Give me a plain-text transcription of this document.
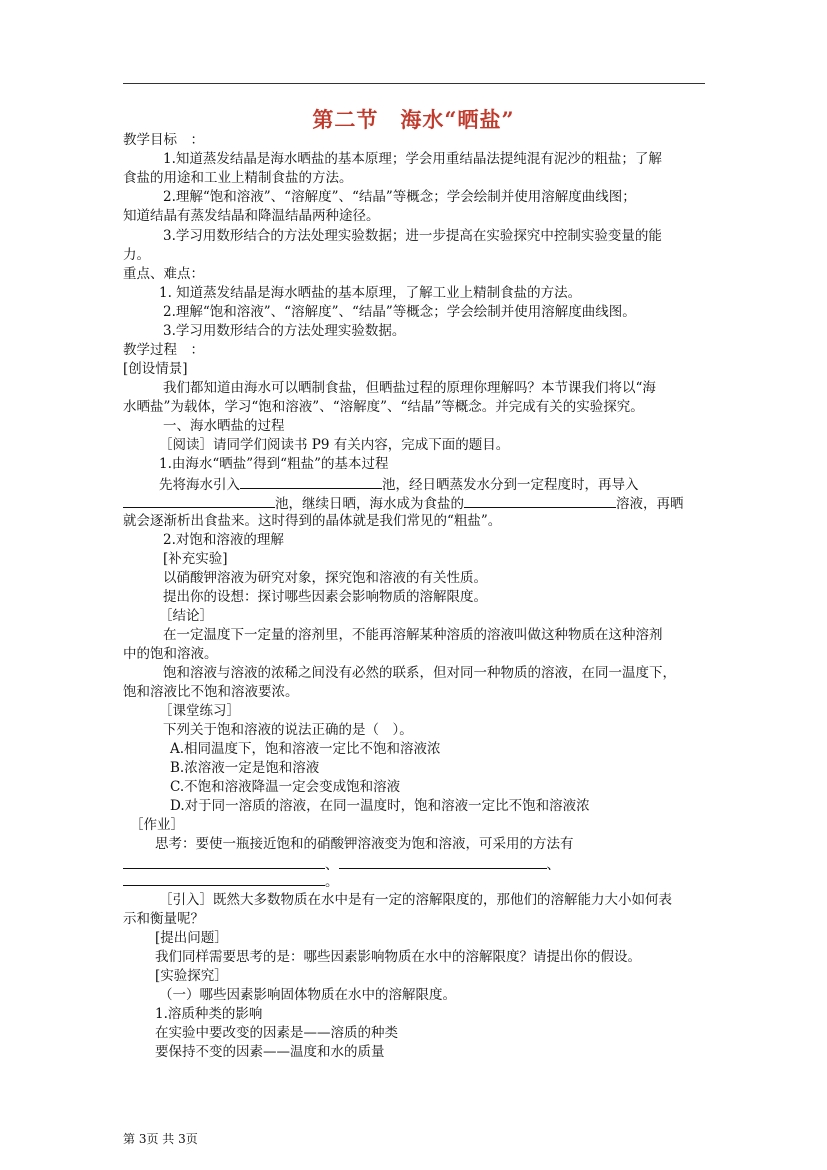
第二节　海水“晒盐”
教学目标　：
1.知道蒸发结晶是海水晒盐的基本原理；学会用重结晶法提纯混有泥沙的粗盐；了解
食盐的用途和工业上精制食盐的方法。
2.理解“饱和溶液”、“溶解度”、“结晶”等概念；学会绘制并使用溶解度曲线图；
知道结晶有蒸发结晶和降温结晶两种途径。
3.学习用数形结合的方法处理实验数据；进一步提高在实验探究中控制实验变量的能
力。
重点、难点：
1. 知道蒸发结晶是海水晒盐的基本原理，了解工业上精制食盐的方法。
2.理解“饱和溶液”、“溶解度”、“结晶”等概念；学会绘制并使用溶解度曲线图。
3.学习用数形结合的方法处理实验数据。
教学过程　：
[创设情景]
我们都知道由海水可以晒制食盐，但晒盐过程的原理你理解吗？本节课我们将以“海
水晒盐”为载体，学习“饱和溶液”、“溶解度”、“结晶”等概念。并完成有关的实验探究。
一、海水晒盐的过程
［阅读］请同学们阅读书 P9 有关内容，完成下面的题目。
1.由海水“晒盐”得到“粗盐”的基本过程
先将海水引入	池，经日晒蒸发水分到一定程度时，再导入
池，继续日晒，海水成为食盐的	溶液，再晒
就会逐渐析出食盐来。这时得到的晶体就是我们常见的“粗盐”。
2.对饱和溶液的理解
[补充实验]
以硝酸钾溶液为研究对象，探究饱和溶液的有关性质。
提出你的设想：探讨哪些因素会影响物质的溶解限度。
［结论］
在一定温度下一定量的溶剂里，不能再溶解某种溶质的溶液叫做这种物质在这种溶剂
中的饱和溶液。
饱和溶液与溶液的浓稀之间没有必然的联系，但对同一种物质的溶液，在同一温度下，
饱和溶液比不饱和溶液要浓。
［课堂练习］
下列关于饱和溶液的说法正确的是（　）。
A.相同温度下，饱和溶液一定比不饱和溶液浓
B.浓溶液一定是饱和溶液
C.不饱和溶液降温一定会变成饱和溶液
D.对于同一溶质的溶液，在同一温度时，饱和溶液一定比不饱和溶液浓
［作业］
思考：要使一瓶接近饱和的硝酸钾溶液变为饱和溶液，可采用的方法有
、	、
。
［引入］既然大多数物质在水中是有一定的溶解限度的，那他们的溶解能力大小如何表
示和衡量呢？
[提出问题］
我们同样需要思考的是：哪些因素影响物质在水中的溶解限度？请提出你的假设。
[实验探究］
（一）哪些因素影响固体物质在水中的溶解限度。
1.溶质种类的影响
在实验中要改变的因素是——溶质的种类
要保持不变的因素——温度和水的质量
第 3页 共 3页
